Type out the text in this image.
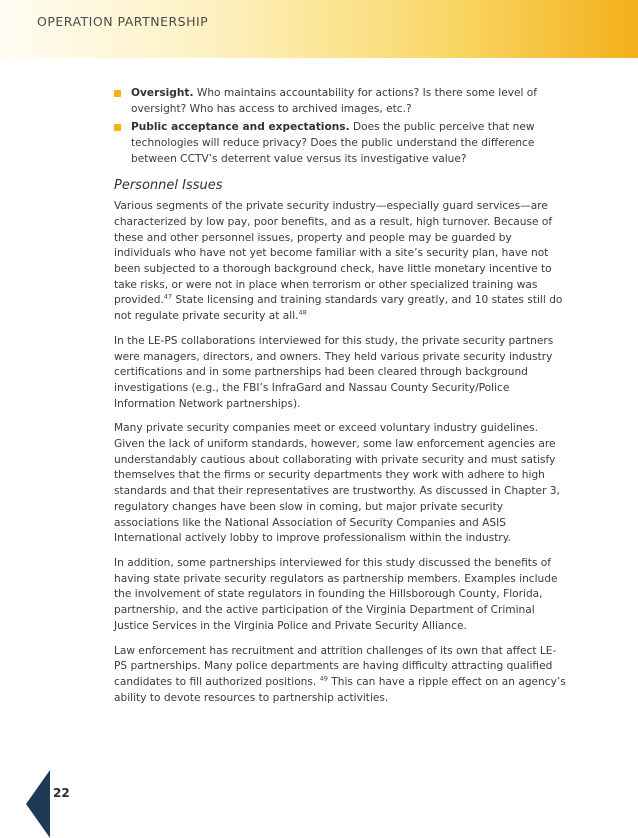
OPERATION PARTNERSHIP
Oversight. Who maintains accountability for actions? Is there some level of oversight? Who has access to archived images, etc.?
Public acceptance and expectations. Does the public perceive that new technologies will reduce privacy? Does the public understand the difference between CCTV’s deterrent value versus its investigative value?
Personnel Issues

Various segments of the private security industry—especially guard services—are characterized by low pay, poor benefits, and as a result, high turnover. Because of these and other personnel issues, property and people may be guarded by individuals who have not yet become familiar with a site’s security plan, have not been subjected to a thorough background check, have little monetary incentive to take risks, or were not in place when terrorism or other specialized training was provided.$^{47}$ State licensing and training standards vary greatly, and 10 states still do not regulate private security at all.$^{48}$

In the LE-PS collaborations interviewed for this study, the private security partners were managers, directors, and owners. They held various private security industry certifications and in some partnerships had been cleared through background investigations (e.g., the FBI’s InfraGard and Nassau County Security/Police Information Network partnerships).

Many private security companies meet or exceed voluntary industry guidelines. Given the lack of uniform standards, however, some law enforcement agencies are understandably cautious about collaborating with private security and must satisfy themselves that the firms or security departments they work with adhere to high standards and that their representatives are trustworthy. As discussed in Chapter 3, regulatory changes have been slow in coming, but major private security associations like the National Association of Security Companies and ASIS International actively lobby to improve professionalism within the industry.

In addition, some partnerships interviewed for this study discussed the benefits of having state private security regulators as partnership members. Examples include the involvement of state regulators in founding the Hillsborough County, Florida, partnership, and the active participation of the Virginia Department of Criminal Justice Services in the Virginia Police and Private Security Alliance.

Law enforcement has recruitment and attrition challenges of its own that affect LE-PS partnerships. Many police departments are having difficulty attracting qualified candidates to fill authorized positions. $^{49}$ This can have a ripple effect on an agency’s ability to devote resources to partnership activities.

22
